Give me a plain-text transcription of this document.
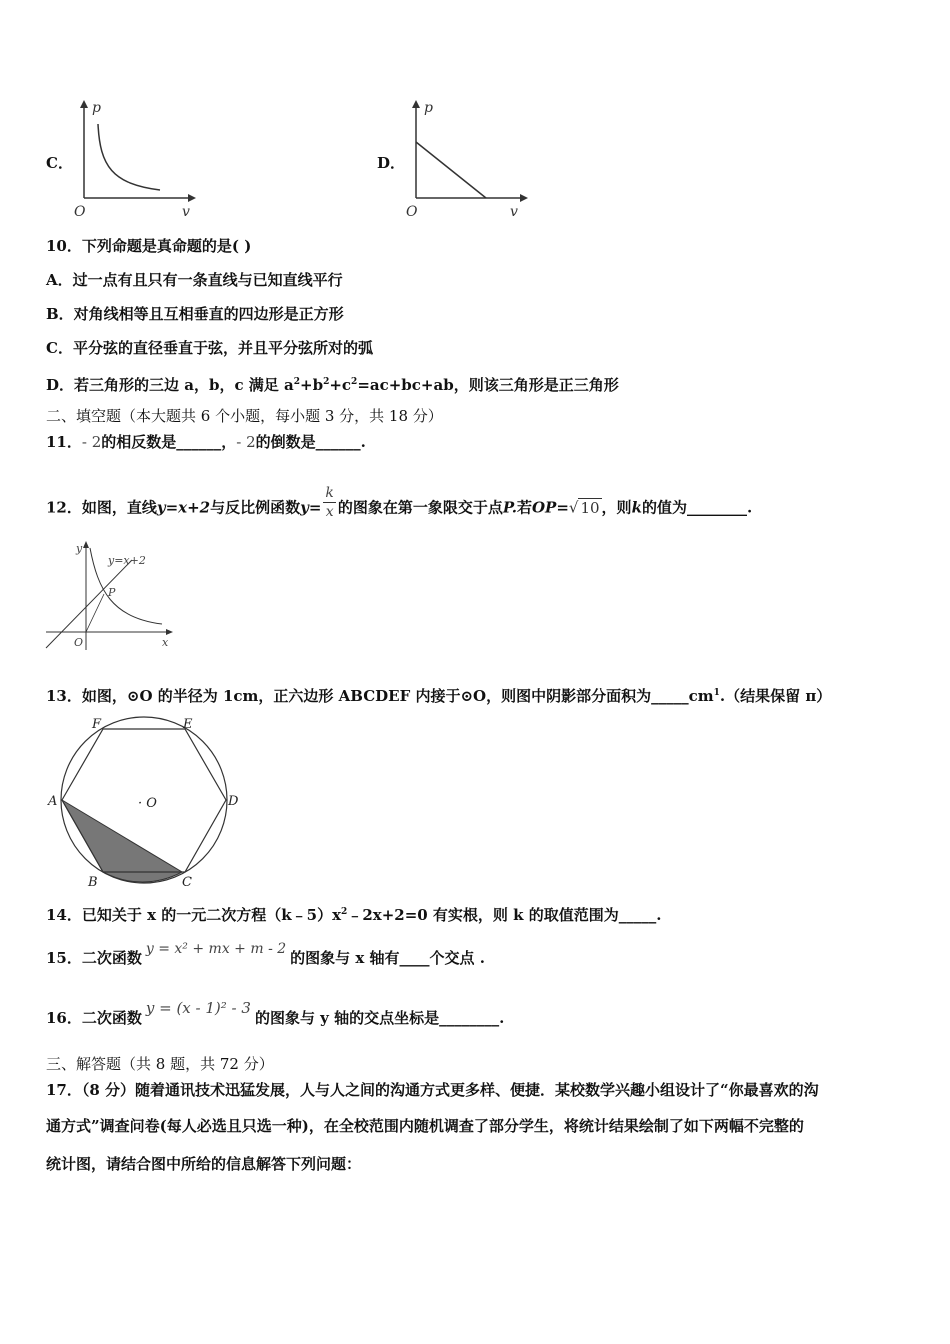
C．
p
O	v
D．
p
O	v
10．下列命题是真命题的是( )
A．过一点有且只有一条直线与已知直线平行
B．对角线相等且互相垂直的四边形是正方形
C．平分弦的直径垂直于弦，并且平分弦所对的弧
D．若三角形的三边 a，b，c 满足 $a^2+b^2+c^2=ac+bc+ab$，则该三角形是正三角形
二、填空题（本大题共 6 个小题，每小题 3 分，共 18 分）
11．- 2的相反数是______，- 2的倒数是______.
12．如图，直线y=x+2与反比例函数$y= \frac{k}{x}$ 的图象在第一象限交于点P.若OP=√ 10 ，则k的值为________.
y
x
O
y=x+2
P
13．如图，⊙O 的半径为 1cm，正六边形 ABCDEF 内接于⊙O，则图中阴影部分面积为$\_\_\_\_\_cm^1$.（结果保留 π）
A
B	C
D
E
F
· O
14．已知关于 x 的一元二次方程$(k﹣5)x^2﹣2x+2=0$ 有实根，则 k 的取值范围为_____.
15．二次函数 y = x² + mx + m - 2 的图象与 x 轴有____个交点 .
16．二次函数y = (x - 1)² - 3的图象与 y 轴的交点坐标是________.
三、解答题（共 8 题，共 72 分）
17．（8 分）随着通讯技术迅猛发展，人与人之间的沟通方式更多样、便捷．某校数学兴趣小组设计了“你最喜欢的沟
通方式”调查问卷(每人必选且只选一种)，在全校范围内随机调查了部分学生，将统计结果绘制了如下两幅不完整的
统计图，请结合图中所给的信息解答下列问题：
